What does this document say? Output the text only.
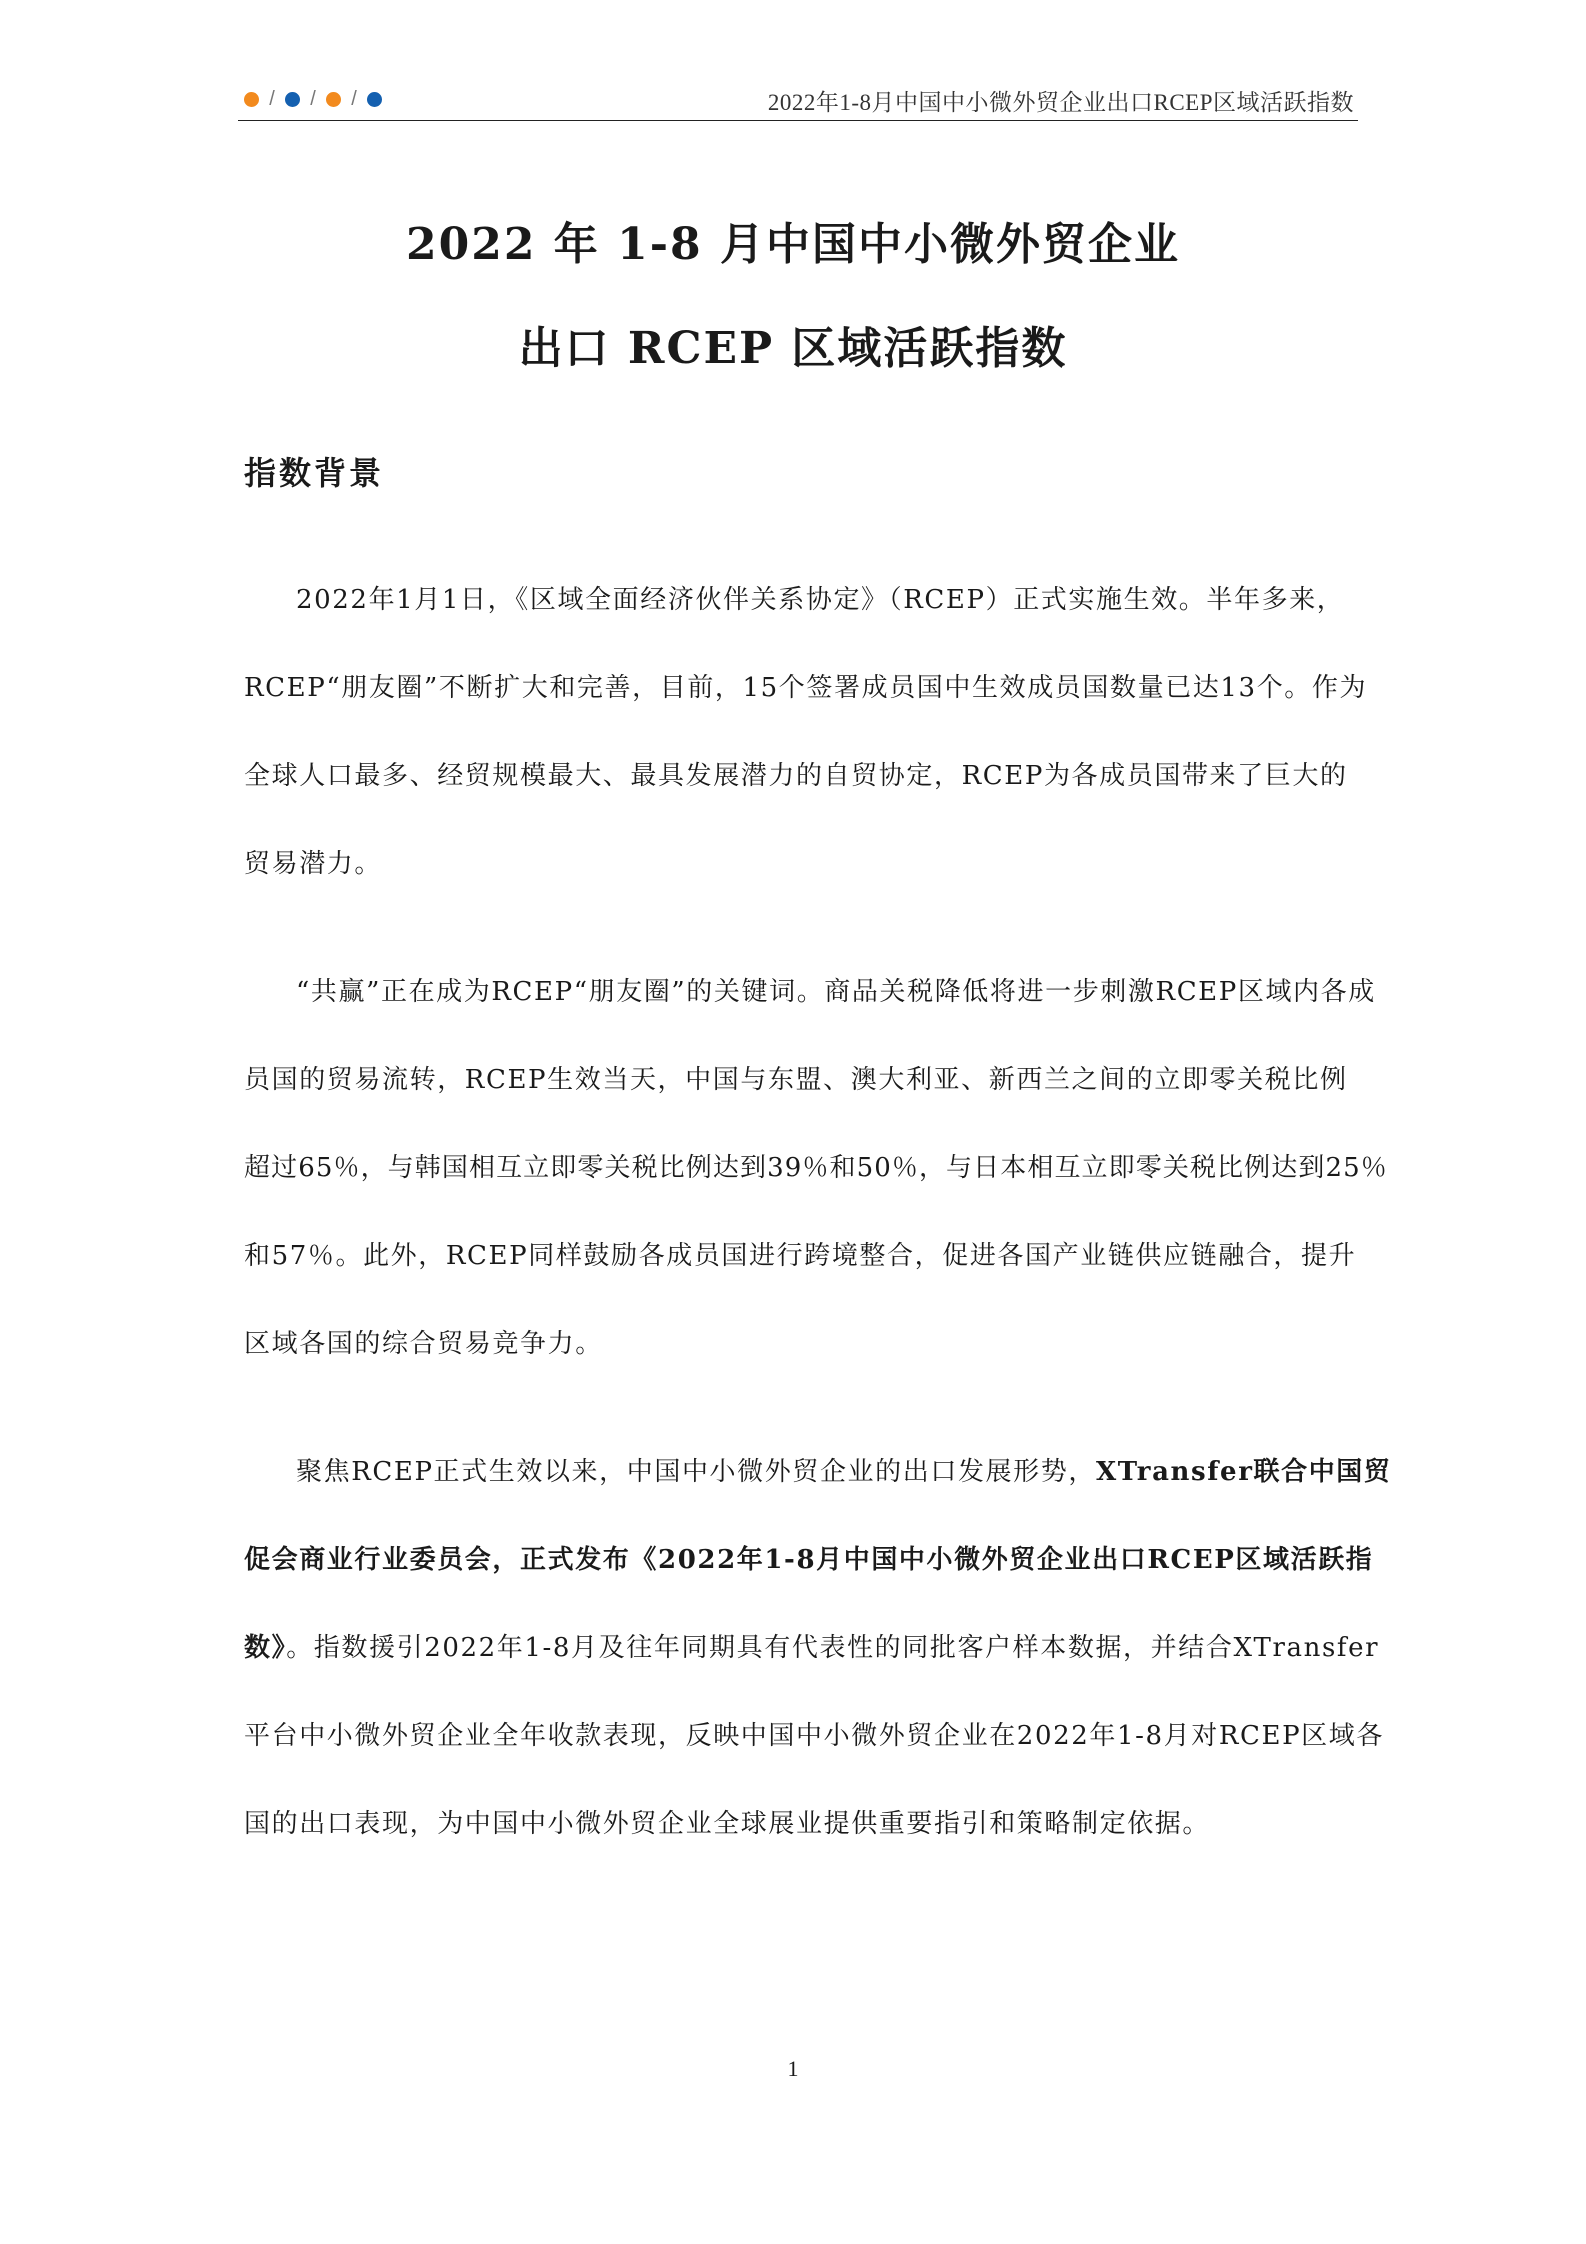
/	/	/	2022年1-8月中国中小微外贸企业出口RCEP区域活跃指数
2022 年 1-8 月中国中小微外贸企业
出口 RCEP 区域活跃指数
指数背景
2022年1月1日，《区域全面经济伙伴关系协定》（RCEP）正式实施生效。半年多来，
RCEP“朋友圈”不断扩大和完善，目前，15个签署成员国中生效成员国数量已达13个。作为
全球人口最多、经贸规模最大、最具发展潜力的自贸协定，RCEP为各成员国带来了巨大的
贸易潜力。
“共赢”正在成为RCEP“朋友圈”的关键词。商品关税降低将进一步刺激RCEP区域内各成
员国的贸易流转，RCEP生效当天，中国与东盟、澳大利亚、新西兰之间的立即零关税比例
超过65％，与韩国相互立即零关税比例达到39％和50％，与日本相互立即零关税比例达到25％
和57％。此外，RCEP同样鼓励各成员国进行跨境整合，促进各国产业链供应链融合，提升
区域各国的综合贸易竞争力。
聚焦RCEP正式生效以来，中国中小微外贸企业的出口发展形势，XTransfer联合中国贸
促会商业行业委员会，正式发布《2022年1-8月中国中小微外贸企业出口RCEP区域活跃指
数》。指数援引2022年1-8月及往年同期具有代表性的同批客户样本数据，并结合XTransfer
平台中小微外贸企业全年收款表现，反映中国中小微外贸企业在2022年1-8月对RCEP区域各
国的出口表现，为中国中小微外贸企业全球展业提供重要指引和策略制定依据。
1
